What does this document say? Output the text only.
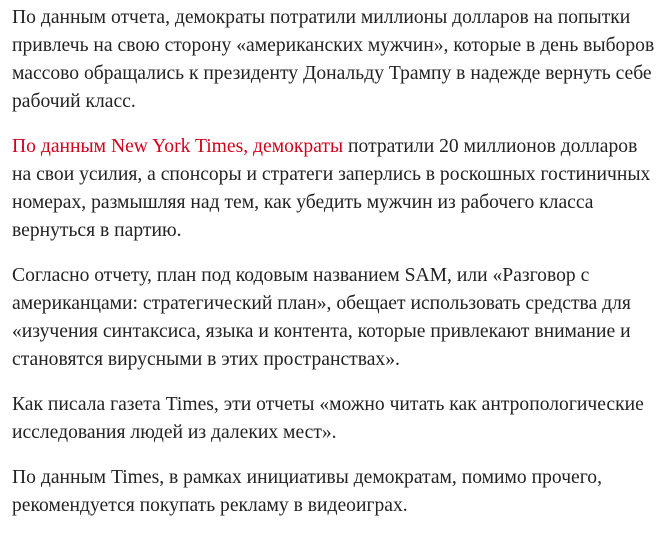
По данным отчета, демократы потратили миллионы долларов на попытки привлечь на свою сторону «американских мужчин», которые в день выборов массово обращались к президенту Дональду Трампу в надежде вернуть себе рабочий класс.

По данным New York Times, демократы потратили 20 миллионов долларов на свои усилия, а спонсоры и стратеги заперлись в роскошных гостиничных номерах, размышляя над тем, как убедить мужчин из рабочего класса вернуться в партию.

Согласно отчету, план под кодовым названием SAM, или «Разговор с американцами: стратегический план», обещает использовать средства для «изучения синтаксиса, языка и контента, которые привлекают внимание и становятся вирусными в этих пространствах».

Как писала газета Times, эти отчеты «можно читать как антропологические исследования людей из далеких мест».

По данным Times, в рамках инициативы демократам, помимо прочего, рекомендуется покупать рекламу в видеоиграх.
